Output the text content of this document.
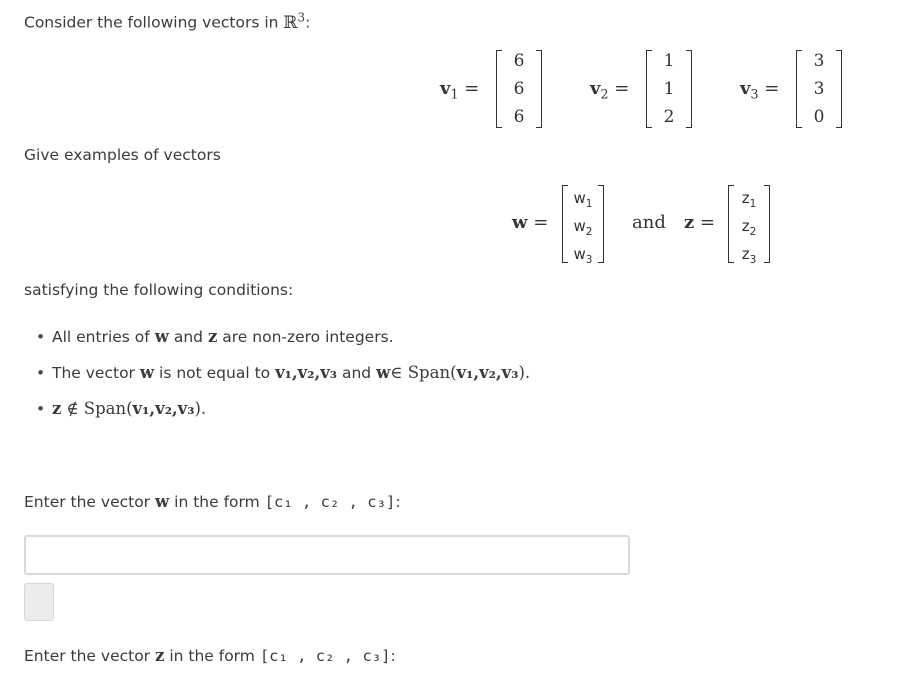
Consider the following vectors in ℝ$^3$:
$v_1$ =
6
6
6
$v_2$ =
1
1
2
$v_3$ =
3
3
0
Give examples of vectors
w =
$w_1$
$w_2$
$w_3$
and z =
$z_1$
$z_2$
$z_3$
satisfying the following conditions:
• All entries of w and z are non-zero integers.
• The vector w is not equal to v₁,v₂,v₃ and w∈ Span(v₁,v₂,v₃).
• z ∉ Span(v₁,v₂,v₃).
Enter the vector w in the form [c₁ , c₂ , c₃]:
Enter the vector z in the form [c₁ , c₂ , c₃]:
